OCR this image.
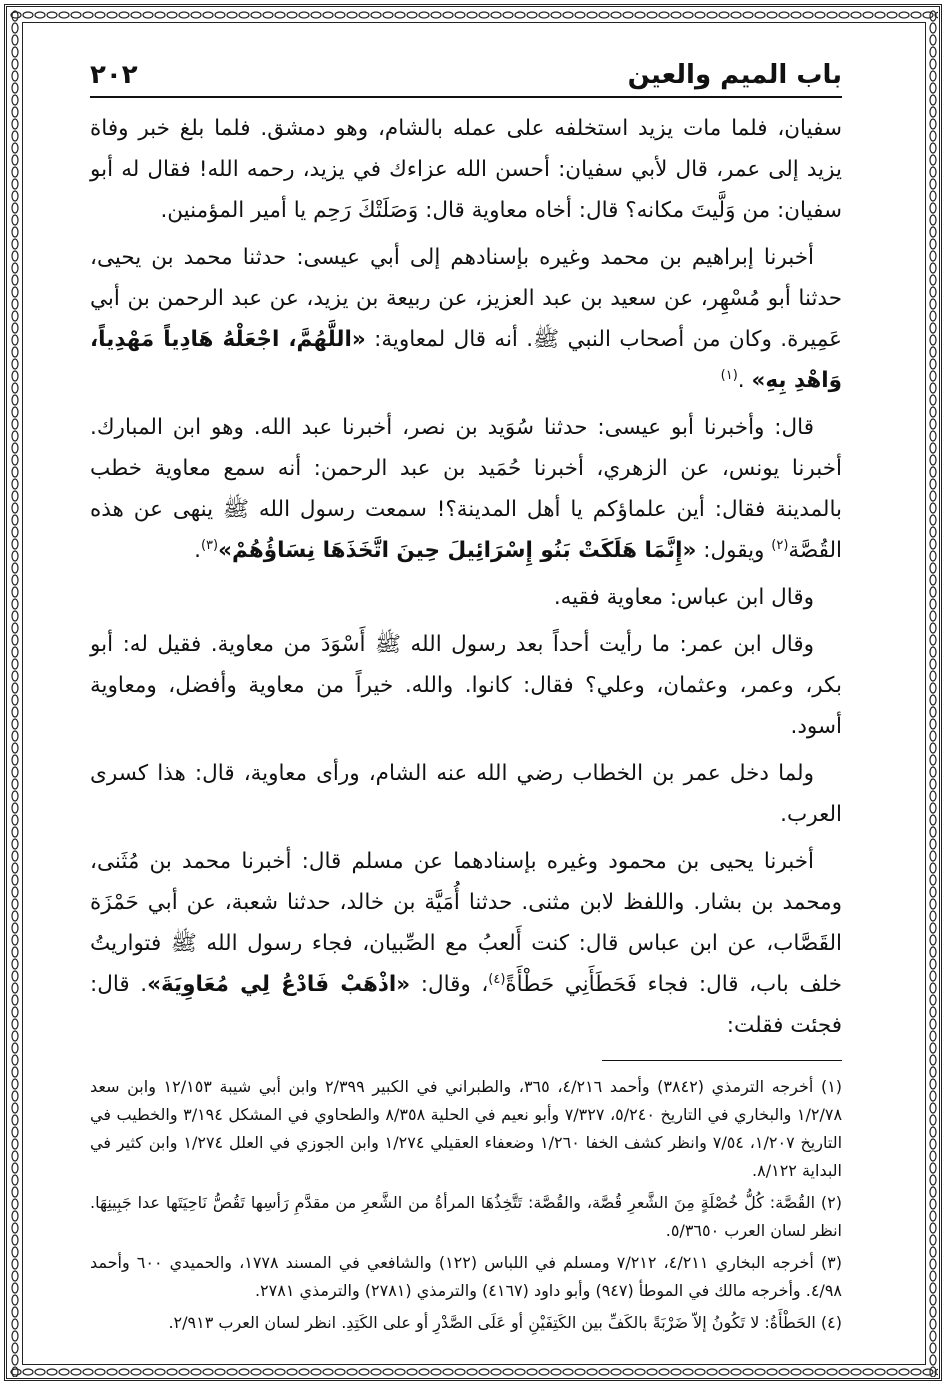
باب الميم والعين
٢٠٢

سفيان، فلما مات يزيد استخلفه على عمله بالشام، وهو دمشق. فلما بلغ خبر وفاة يزيد إلى عمر، قال لأبي سفيان: أحسن الله عزاءك في يزيد، رحمه الله! فقال له أبو سفيان: من وَلَّيتَ مكانه؟ قال: أخاه معاوية قال: وَصَلَتْكَ رَحِم يا أمير المؤمنين.

أخبرنا إبراهيم بن محمد وغيره بإسنادهم إلى أبي عيسى: حدثنا محمد بن يحيى، حدثنا أبو مُسْهِر، عن سعيد بن عبد العزيز، عن ربيعة بن يزيد، عن عبد الرحمن بن أبي عَمِيرة. وكان من أصحاب النبي ﷺ. أنه قال لمعاوية: «اللَّهُمَّ، اجْعَلْهُ هَادِياً مَهْدِياً، وَاهْدِ بِهِ» .$^{(١)}$

قال: وأخبرنا أبو عيسى: حدثنا سُوَيد بن نصر، أخبرنا عبد الله. وهو ابن المبارك. أخبرنا يونس، عن الزهري، أخبرنا حُمَيد بن عبد الرحمن: أنه سمع معاوية خطب بالمدينة فقال: أين علماؤكم يا أهل المدينة؟! سمعت رسول الله ﷺ ينهى عن هذه القُصَّة$^{(٢)}$ ويقول: «إِنَّمَا هَلَكَتْ بَنُو إِسْرَائِيلَ حِينَ اتَّخَذَهَا نِسَاؤُهُمْ»$^{(٣)}$.

وقال ابن عباس: معاوية فقيه.

وقال ابن عمر: ما رأيت أحداً بعد رسول الله ﷺ أَسْوَدَ من معاوية. فقيل له: أبو بكر، وعمر، وعثمان، وعلي؟ فقال: كانوا. والله. خيراً من معاوية وأفضل، ومعاوية أسود.

ولما دخل عمر بن الخطاب رضي الله عنه الشام، ورأى معاوية، قال: هذا كسرى العرب.

أخبرنا يحيى بن محمود وغيره بإسنادهما عن مسلم قال: أخبرنا محمد بن مُثَنى، ومحمد بن بشار. واللفظ لابن مثنى. حدثنا أُمَيَّة بن خالد، حدثنا شعبة، عن أبي حَمْزَة القَصَّاب، عن ابن عباس قال: كنت أَلعبُ مع الصِّبيان، فجاء رسول الله ﷺ فتواريتُ خلف باب، قال: فجاء فَحَطَأَنِي حَطْأَةً$^{(٤)}$، وقال: «اذْهَبْ فَادْعُ لِي مُعَاوِيَةَ». قال: فجئت فقلت:

(١) أخرجه الترمذي (٣٨٤٢) وأحمد ٤/٢١٦، ٣٦٥، والطبراني في الكبير ٢/٣٩٩ وابن أبي شيبة ١٢/١٥٣ وابن سعد ١/٢/٧٨ والبخاري في التاريخ ٥/٢٤٠، ٧/٣٢٧ وأبو نعيم في الحلية ٨/٣٥٨ والطحاوي في المشكل ٣/١٩٤ والخطيب في التاريخ ١/٢٠٧، ٧/٥٤ وانظر كشف الخفا ١/٢٦٠ وضعفاء العقيلي ١/٢٧٤ وابن الجوزي في العلل ١/٢٧٤ وابن كثير في البداية ٨/١٢٢.

(٢) القُصَّة: كُلُّ خُصْلَةٍ مِنَ الشَّعرِ قُصَّة، والقُصَّة: تَتَّخِذُهَا المرأةُ من الشَّعرِ من مقدَّمِ رَأسِها تَقُصُّ نَاحِيَتَها عدا جَبِينِهَا. انظر لسان العرب ٥/٣٦٥٠.

(٣) أخرجه البخاري ٤/٢١١، ٧/٢١٢ ومسلم في اللباس (١٢٢) والشافعي في المسند ١٧٧٨، والحميدي ٦٠٠ وأحمد ٤/٩٨. وأخرجه مالك في الموطأ (٩٤٧) وأبو داود (٤١٦٧) والترمذي (٢٧٨١) والترمذي ٢٧٨١.

(٤) الحَطْأَةُ: لا تَكُونُ إلاّ ضَرْبَةً بالكَفِّ بين الكَتِفَيْنِ أو عَلَى الصَّدْرِ أو على الكَتِدِ. انظر لسان العرب ٢/٩١٣.
